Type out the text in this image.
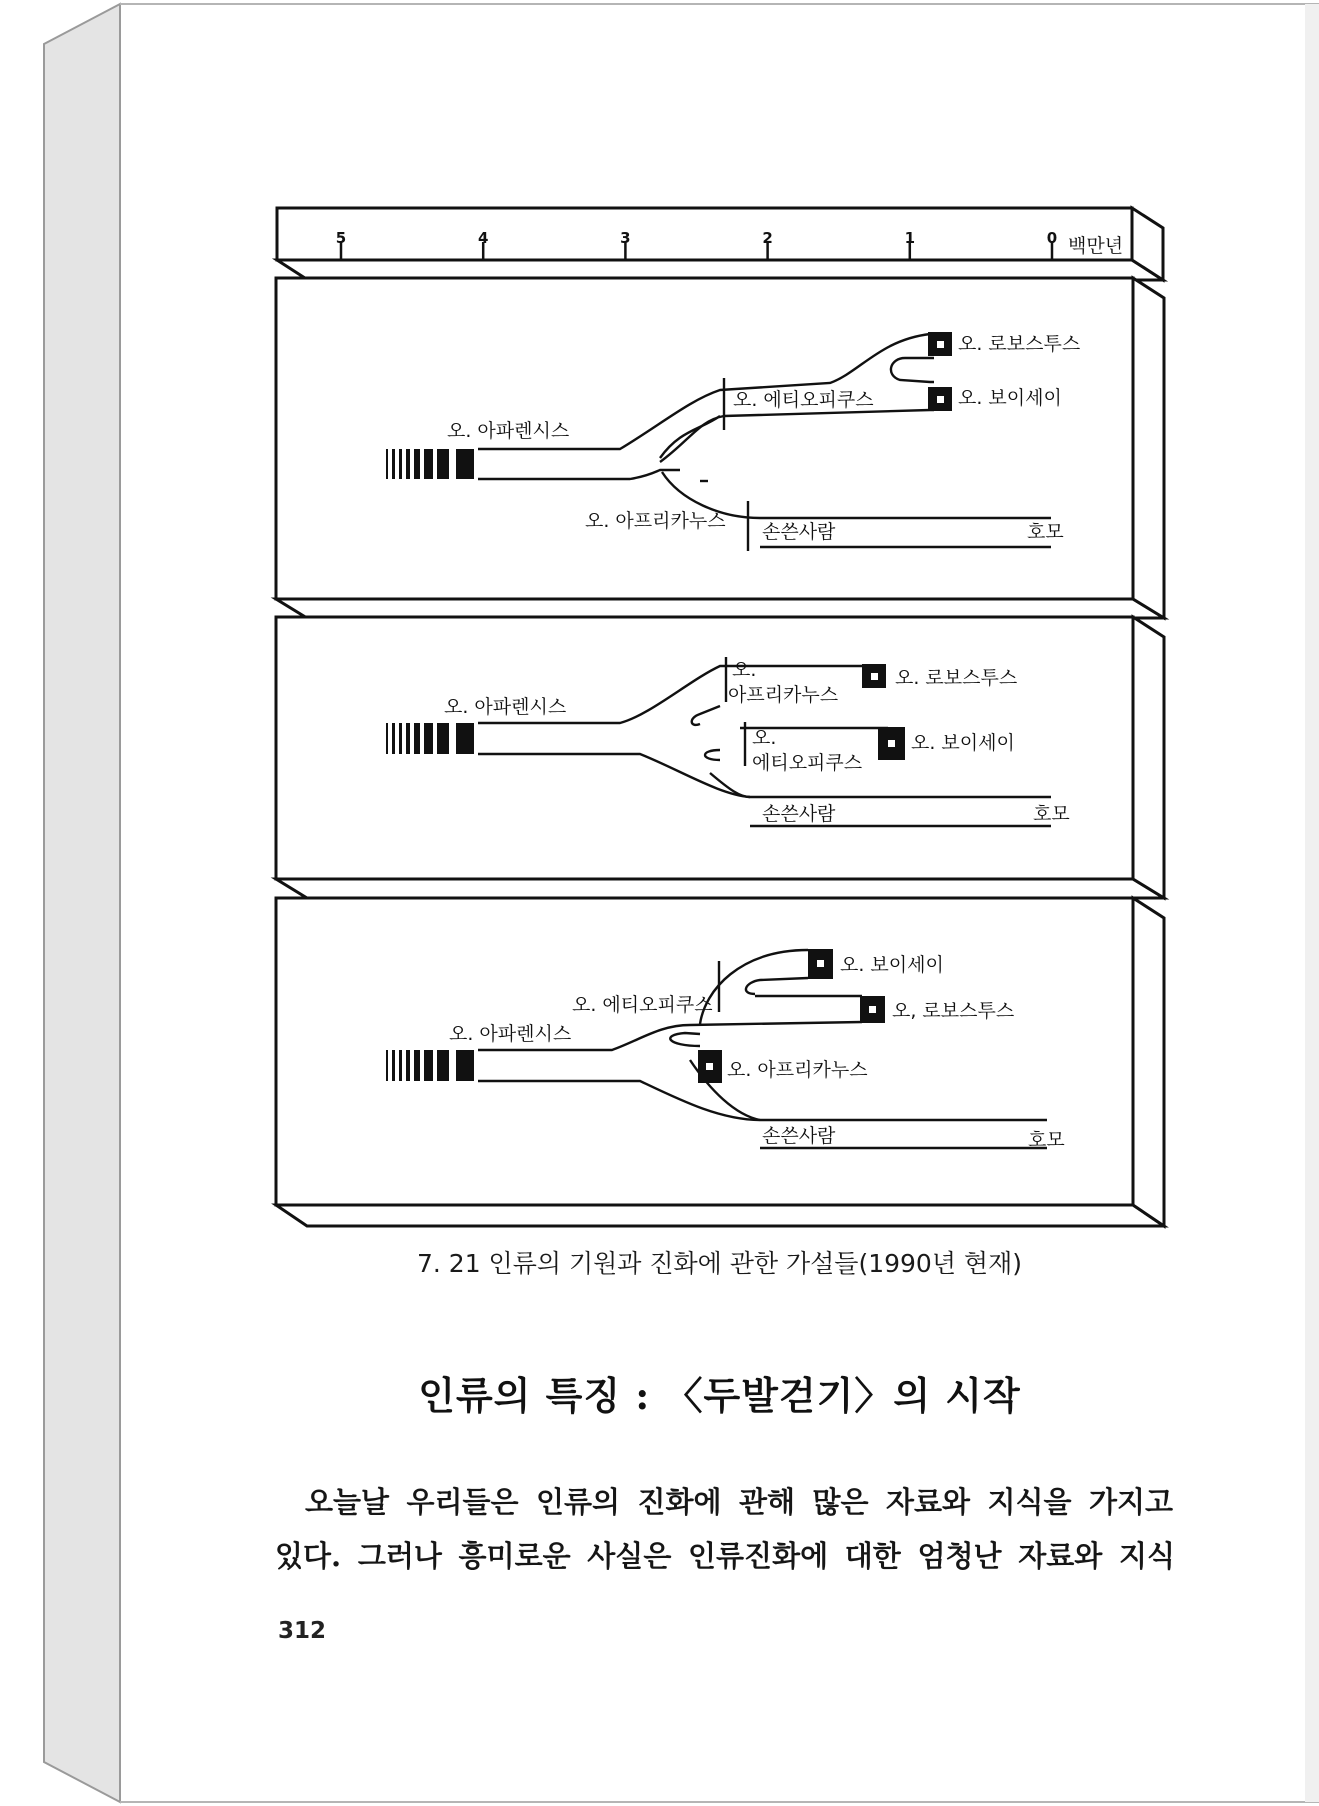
5	4	3	2	1	0 백만년
오. 아파렌시스
오. 로보스투스
오. 에티오피쿠스	오. 보이세이
오. 아프리카누스 손쓴사람	호모
오. 아파렌시스
오.
아프리카누스
오. 로보스투스
오.
에티오피쿠스
오. 보이세이
손쓴사람	호모
오. 보이세이
오. 에티오피쿠스	오, 로보스투스
오. 아파렌시스
오. 아프리카누스
손쓴사람	호모
7. 21 인류의 기원과 진화에 관한 가설들(1990년 현재)
인류의 특징 : 〈두발걷기〉의 시작
오늘날 우리들은 인류의 진화에 관해 많은 자료와 지식을 가지고
있다. 그러나 흥미로운 사실은 인류진화에 대한 엄청난 자료와 지식
312
